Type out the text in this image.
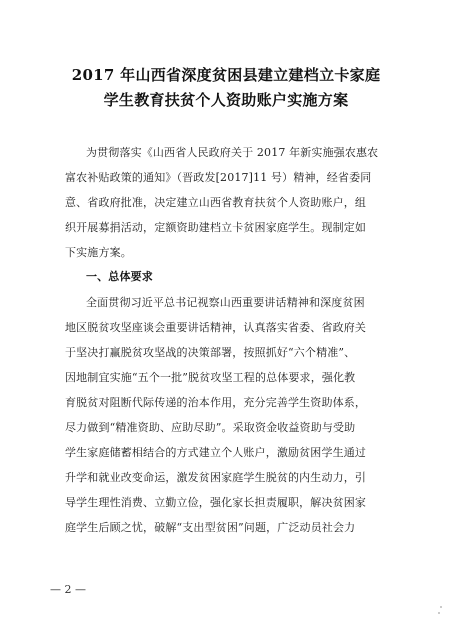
2017 年山西省深度贫困县建立建档立卡家庭
学生教育扶贫个人资助账户实施方案
为贯彻落实《山西省人民政府关于 2017 年新实施强农惠农
富农补贴政策的通知》（晋政发[2017]11 号）精神，经省委同
意、省政府批准，决定建立山西省教育扶贫个人资助账户，组
织开展募捐活动，定额资助建档立卡贫困家庭学生。现制定如
下实施方案。
一、总体要求
全面贯彻习近平总书记视察山西重要讲话精神和深度贫困
地区脱贫攻坚座谈会重要讲话精神，认真落实省委、省政府关
于坚决打赢脱贫攻坚战的决策部署，按照抓好“六个精准”、
因地制宜实施“五个一批”脱贫攻坚工程的总体要求，强化教
育脱贫对阻断代际传递的治本作用，充分完善学生资助体系，
尽力做到“精准资助、应助尽助”。采取资金收益资助与受助
学生家庭储蓄相结合的方式建立个人账户，激励贫困学生通过
升学和就业改变命运，激发贫困家庭学生脱贫的内生动力，引
导学生理性消费、立勤立俭，强化家长担责履职，解决贫困家
庭学生后顾之忧，破解“支出型贫困”问题，广泛动员社会力
— 2 —
